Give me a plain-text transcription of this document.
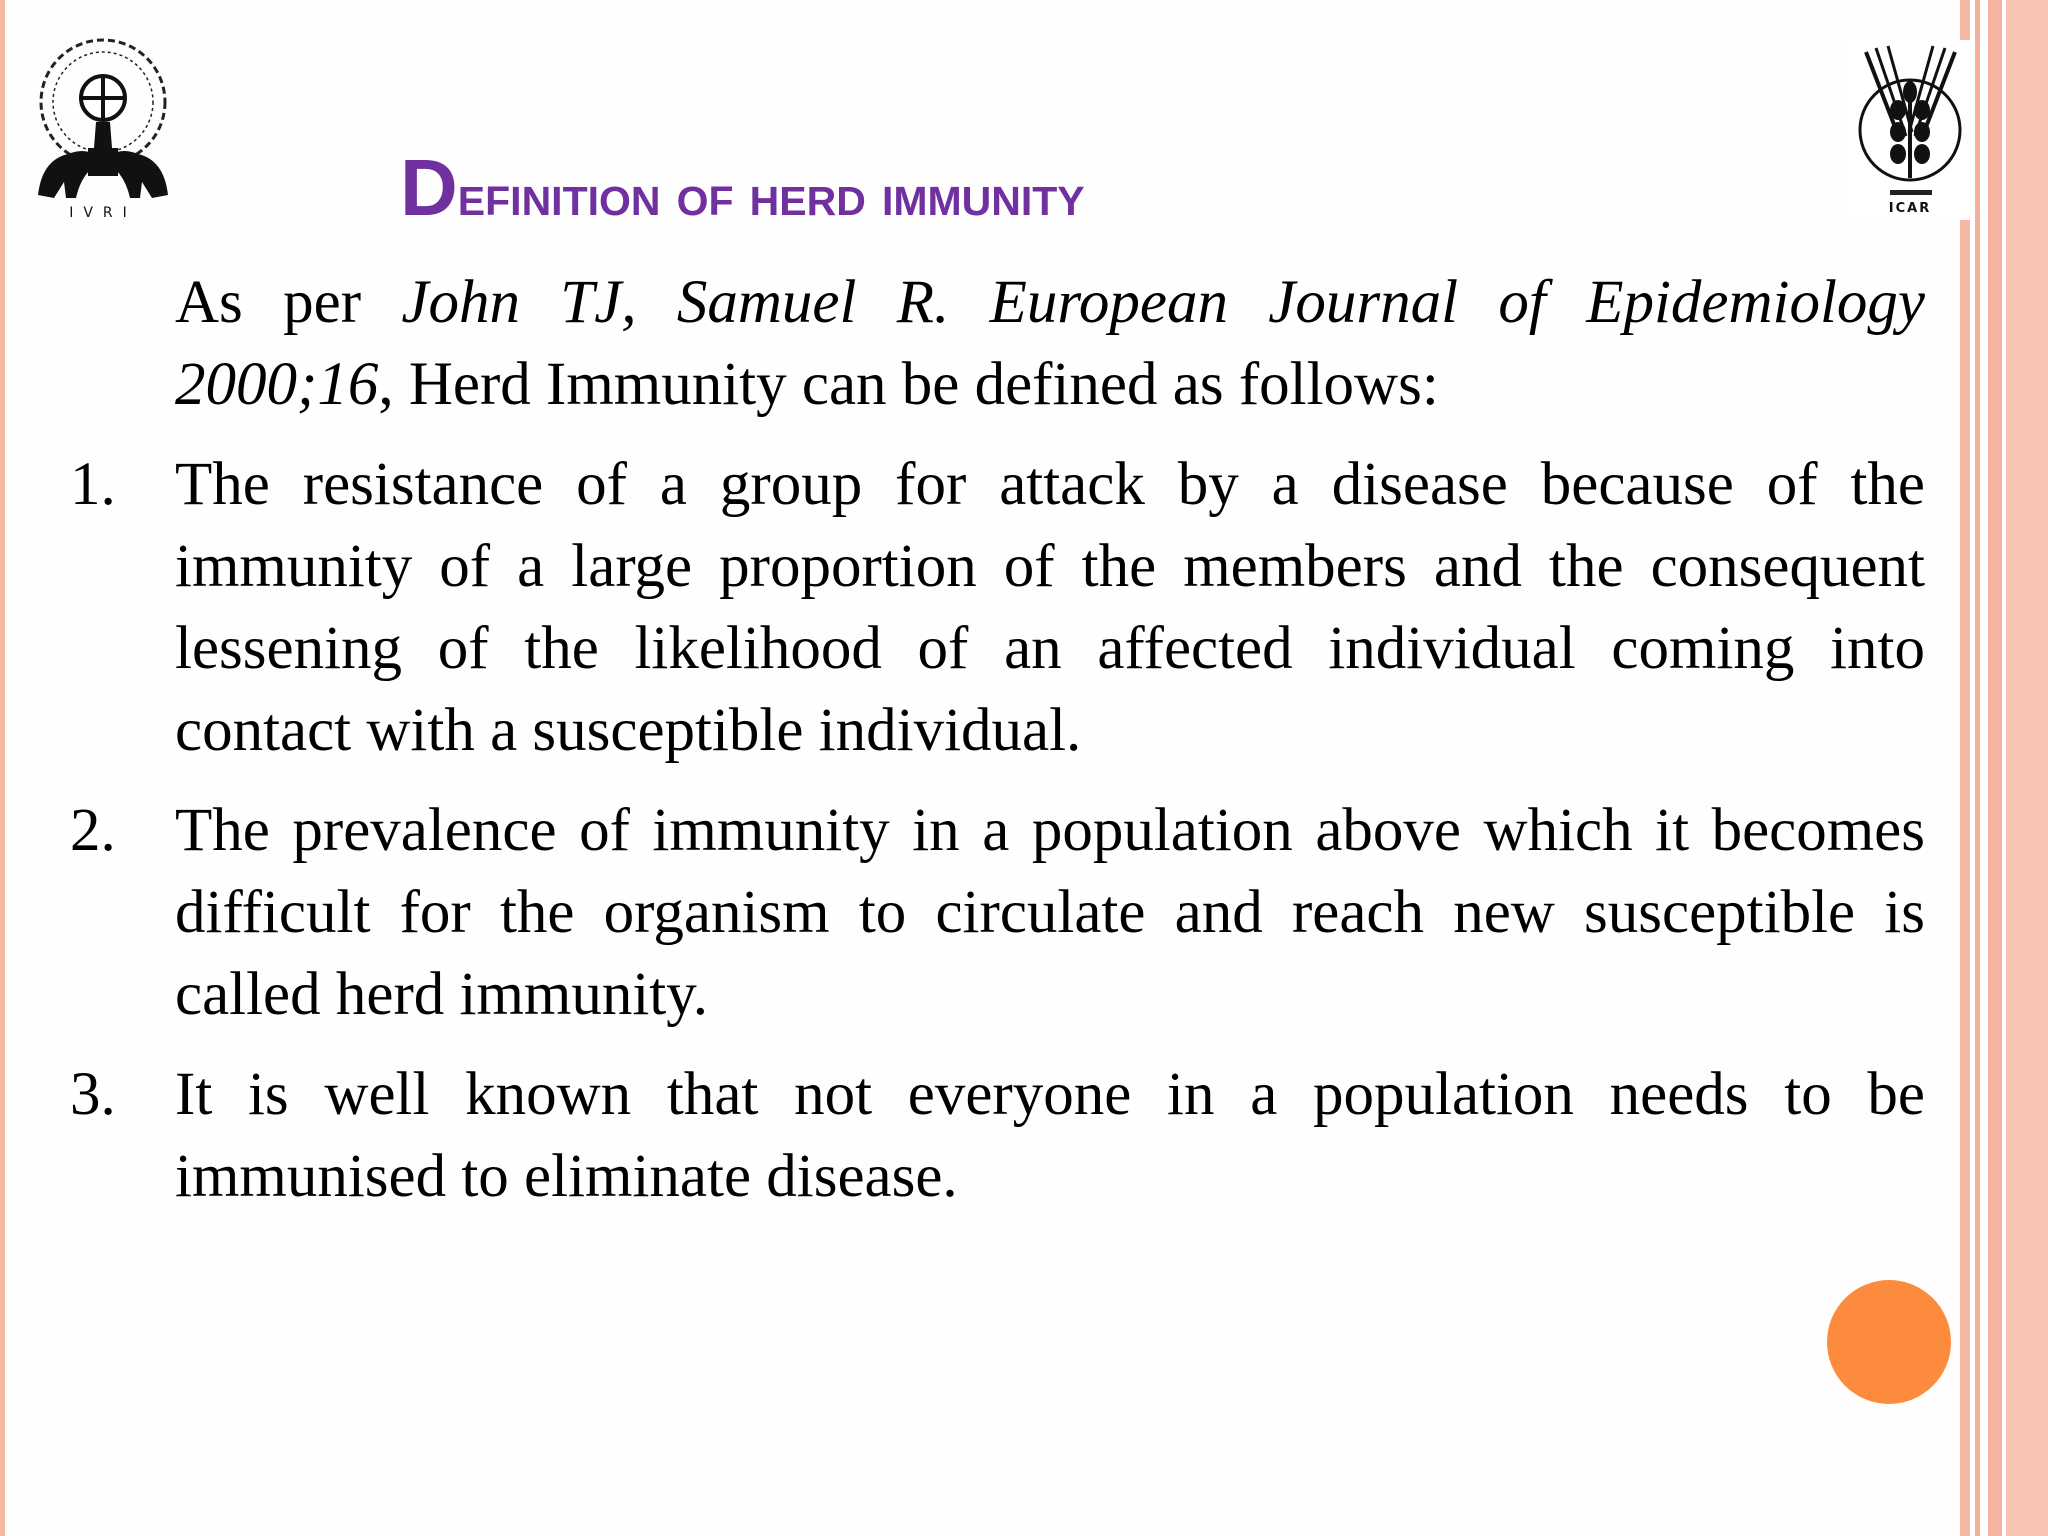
IVRI	ICAR
Definition of herd immunity

As per John TJ, Samuel R. European Journal of Epidemiology 2000;16, Herd Immunity can be defined as follows:

1. The resistance of a group for attack by a disease because of the immunity of a large proportion of the members and the consequent lessening of the likelihood of an affected individual coming into contact with a susceptible individual.
2. The prevalence of immunity in a population above which it becomes difficult for the organism to circulate and reach new susceptible is called herd immunity.
3. It is well known that not everyone in a population needs to be immunised to eliminate disease.
